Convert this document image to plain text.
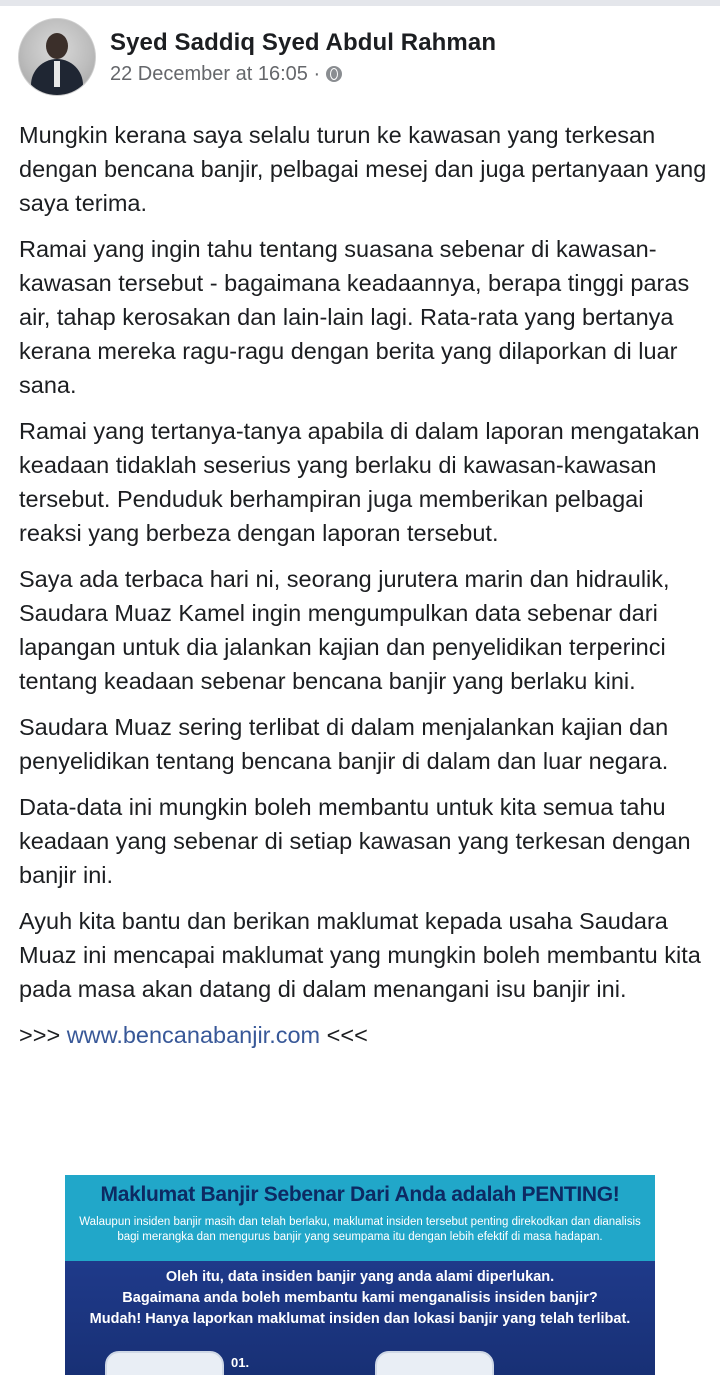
Syed Saddiq Syed Abdul Rahman
22 December at 16:05 ·

Mungkin kerana saya selalu turun ke kawasan yang terkesan dengan bencana banjir, pelbagai mesej dan juga pertanyaan yang saya terima.

Ramai yang ingin tahu tentang suasana sebenar di kawasan-kawasan tersebut - bagaimana keadaannya, berapa tinggi paras air, tahap kerosakan dan lain-lain lagi. Rata-rata yang bertanya kerana mereka ragu-ragu dengan berita yang dilaporkan di luar sana.

Ramai yang tertanya-tanya apabila di dalam laporan mengatakan keadaan tidaklah seserius yang berlaku di kawasan-kawasan tersebut. Penduduk berhampiran juga memberikan pelbagai reaksi yang berbeza dengan laporan tersebut.

Saya ada terbaca hari ni, seorang jurutera marin dan hidraulik, Saudara Muaz Kamel ingin mengumpulkan data sebenar dari lapangan untuk dia jalankan kajian dan penyelidikan terperinci tentang keadaan sebenar bencana banjir yang berlaku kini.

Saudara Muaz sering terlibat di dalam menjalankan kajian dan penyelidikan tentang bencana banjir di dalam dan luar negara.

Data-data ini mungkin boleh membantu untuk kita semua tahu keadaan yang sebenar di setiap kawasan yang terkesan dengan banjir ini.

Ayuh kita bantu dan berikan maklumat kepada usaha Saudara Muaz ini mencapai maklumat yang mungkin boleh membantu kita pada masa akan datang di dalam menangani isu banjir ini.

>>> www.bencanabanjir.com <<<
Maklumat Banjir Sebenar Dari Anda adalah PENTING!
Walaupun insiden banjir masih dan telah berlaku, maklumat insiden tersebut penting direkodkan dan dianalisis bagi merangka dan mengurus banjir yang seumpama itu dengan lebih efektif di masa hadapan.
Oleh itu, data insiden banjir yang anda alami diperlukan.
Bagaimana anda boleh membantu kami menganalisis insiden banjir?
Mudah! Hanya laporkan maklumat insiden dan lokasi banjir yang telah terlibat.
01.
